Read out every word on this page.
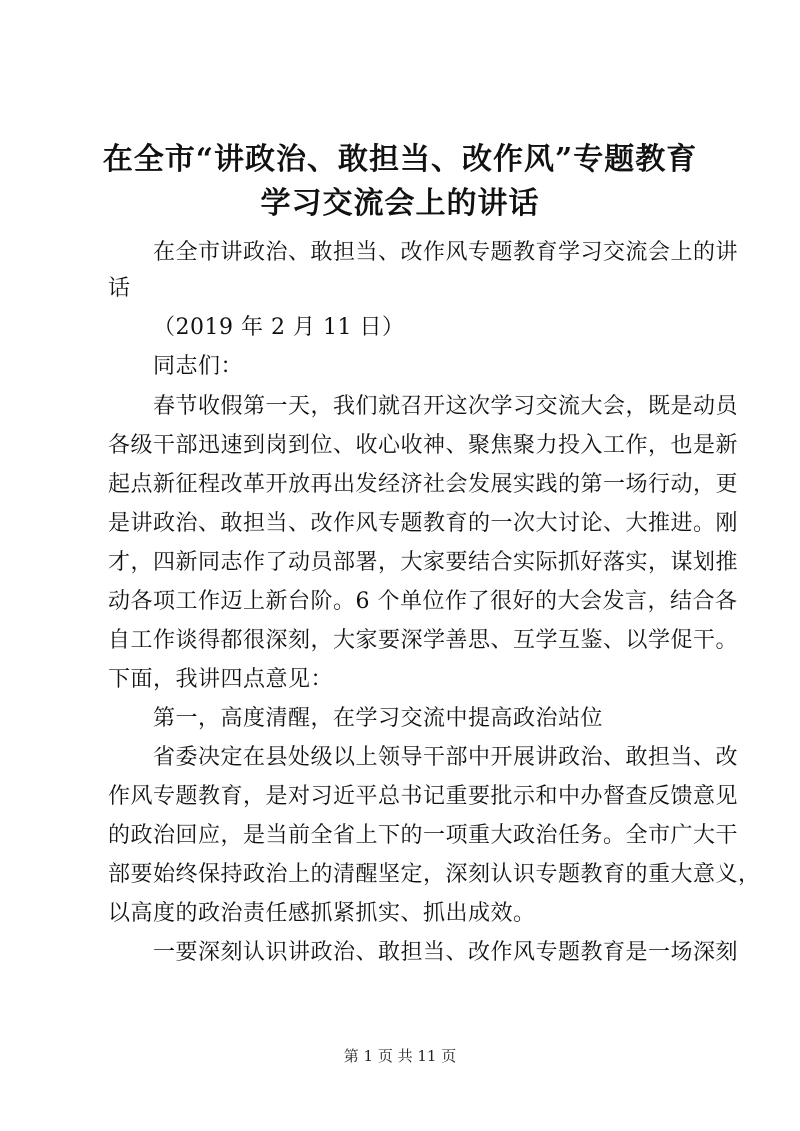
在全市“讲政治、敢担当、改作风”专题教育
学习交流会上的讲话
在全市讲政治、敢担当、改作风专题教育学习交流会上的讲
话
（2019 年 2 月 11 日）
同志们：
春节收假第一天，我们就召开这次学习交流大会，既是动员
各级干部迅速到岗到位、收心收神、聚焦聚力投入工作，也是新
起点新征程改革开放再出发经济社会发展实践的第一场行动，更
是讲政治、敢担当、改作风专题教育的一次大讨论、大推进。刚
才，四新同志作了动员部署，大家要结合实际抓好落实，谋划推
动各项工作迈上新台阶。6 个单位作了很好的大会发言，结合各
自工作谈得都很深刻，大家要深学善思、互学互鉴、以学促干。
下面，我讲四点意见：
第一，高度清醒，在学习交流中提高政治站位
省委决定在县处级以上领导干部中开展讲政治、敢担当、改
作风专题教育，是对习近平总书记重要批示和中办督查反馈意见
的政治回应，是当前全省上下的一项重大政治任务。全市广大干
部要始终保持政治上的清醒坚定，深刻认识专题教育的重大意义，
以高度的政治责任感抓紧抓实、抓出成效。
一要深刻认识讲政治、敢担当、改作风专题教育是一场深刻
第 1 页 共 11 页
